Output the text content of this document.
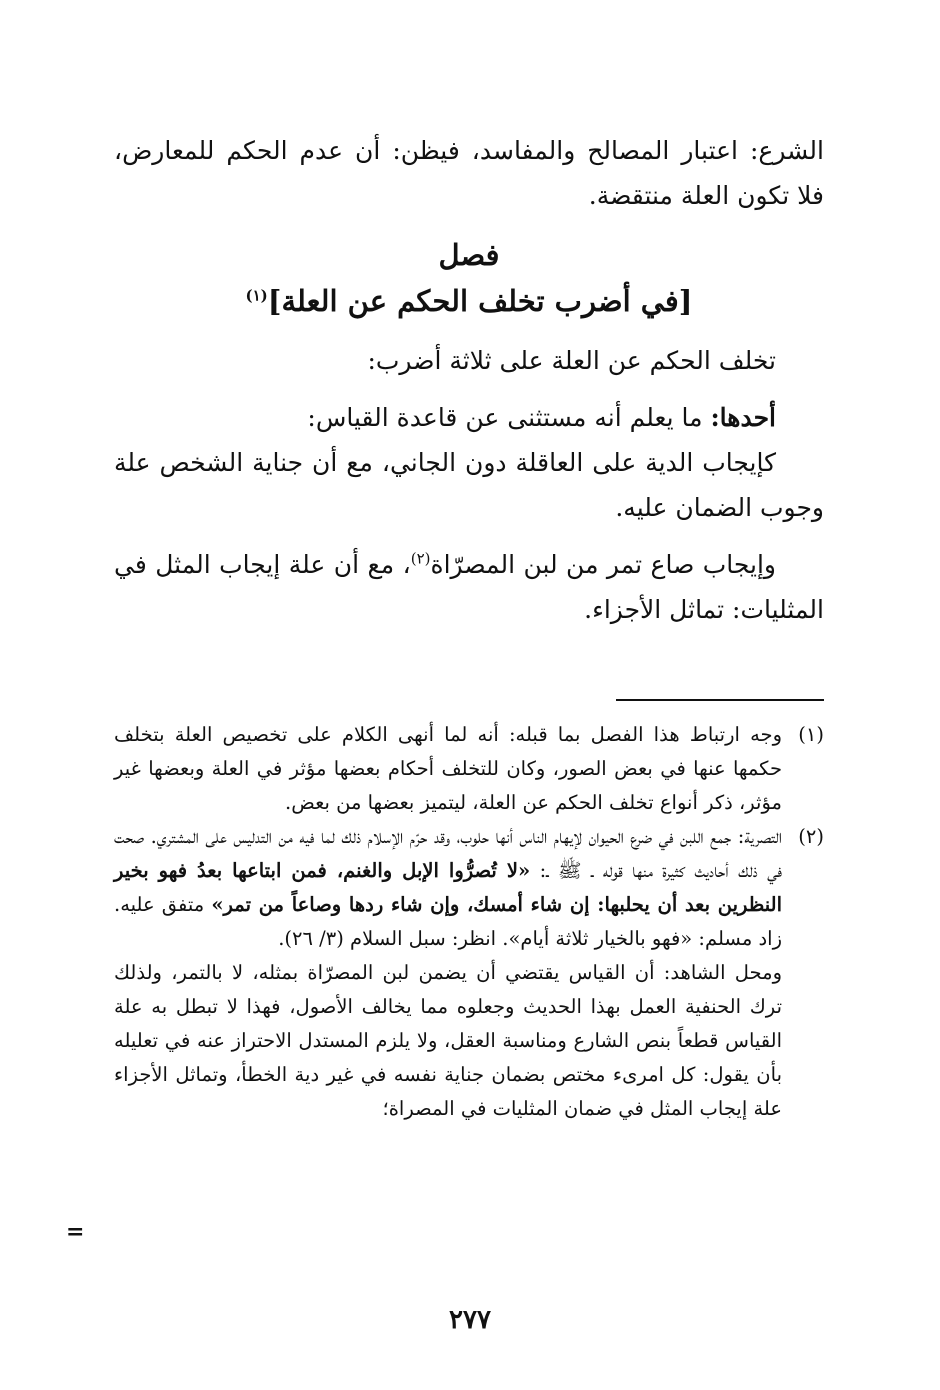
الشرع: اعتبار المصالح والمفاسد، فيظن: أن عدم الحكم للمعارض، فلا تكون العلة منتقضة.

فصل

[في أضرب تخلف الحكم عن العلة]$^{(١)}$

تخلف الحكم عن العلة على ثلاثة أضرب:

أحدها: ما يعلم أنه مستثنى عن قاعدة القياس:

كإيجاب الدية على العاقلة دون الجاني، مع أن جناية الشخص علة وجوب الضمان عليه.

وإيجاب صاع تمر من لبن المصرّاة$^{(٢)}$، مع أن علة إيجاب المثل في المثليات: تماثل الأجزاء.

(١)
وجه ارتباط هذا الفصل بما قبله: أنه لما أنهى الكلام على تخصيص العلة بتخلف حكمها عنها في بعض الصور، وكان للتخلف أحكام بعضها مؤثر في العلة وبعضها غير مؤثر، ذكر أنواع تخلف الحكم عن العلة، ليتميز بعضها من بعض.

(٢)
التصرية: جمع اللبن في ضرع الحيوان لإيهام الناس أنها حلوب، وقد حرّم الإسلام ذلك لما فيه من التدليس على المشتري. صحت في ذلك أحاديث كثيرة منها قوله ـ ﷺ ـ: «لا تُصرُّوا الإبل والغنم، فمن ابتاعها بعدُ فهو بخير النظرين بعد أن يحلبها: إن شاء أمسك، وإن شاء ردها وصاعاً من تمر» متفق عليه. زاد مسلم: «فهو بالخيار ثلاثة أيام». انظر: سبل السلام (٣/ ٢٦).

ومحل الشاهد: أن القياس يقتضي أن يضمن لبن المصرّاة بمثله، لا بالتمر، ولذلك ترك الحنفية العمل بهذا الحديث وجعلوه مما يخالف الأصول، فهذا لا تبطل به علة القياس قطعاً بنص الشارع ومناسبة العقل، ولا يلزم المستدل الاحتراز عنه في تعليله بأن يقول: كل امرىء مختص بضمان جناية نفسه في غير دية الخطأ، وتماثل الأجزاء علة إيجاب المثل في ضمان المثليات في المصراة؛

=
٢٧٧
